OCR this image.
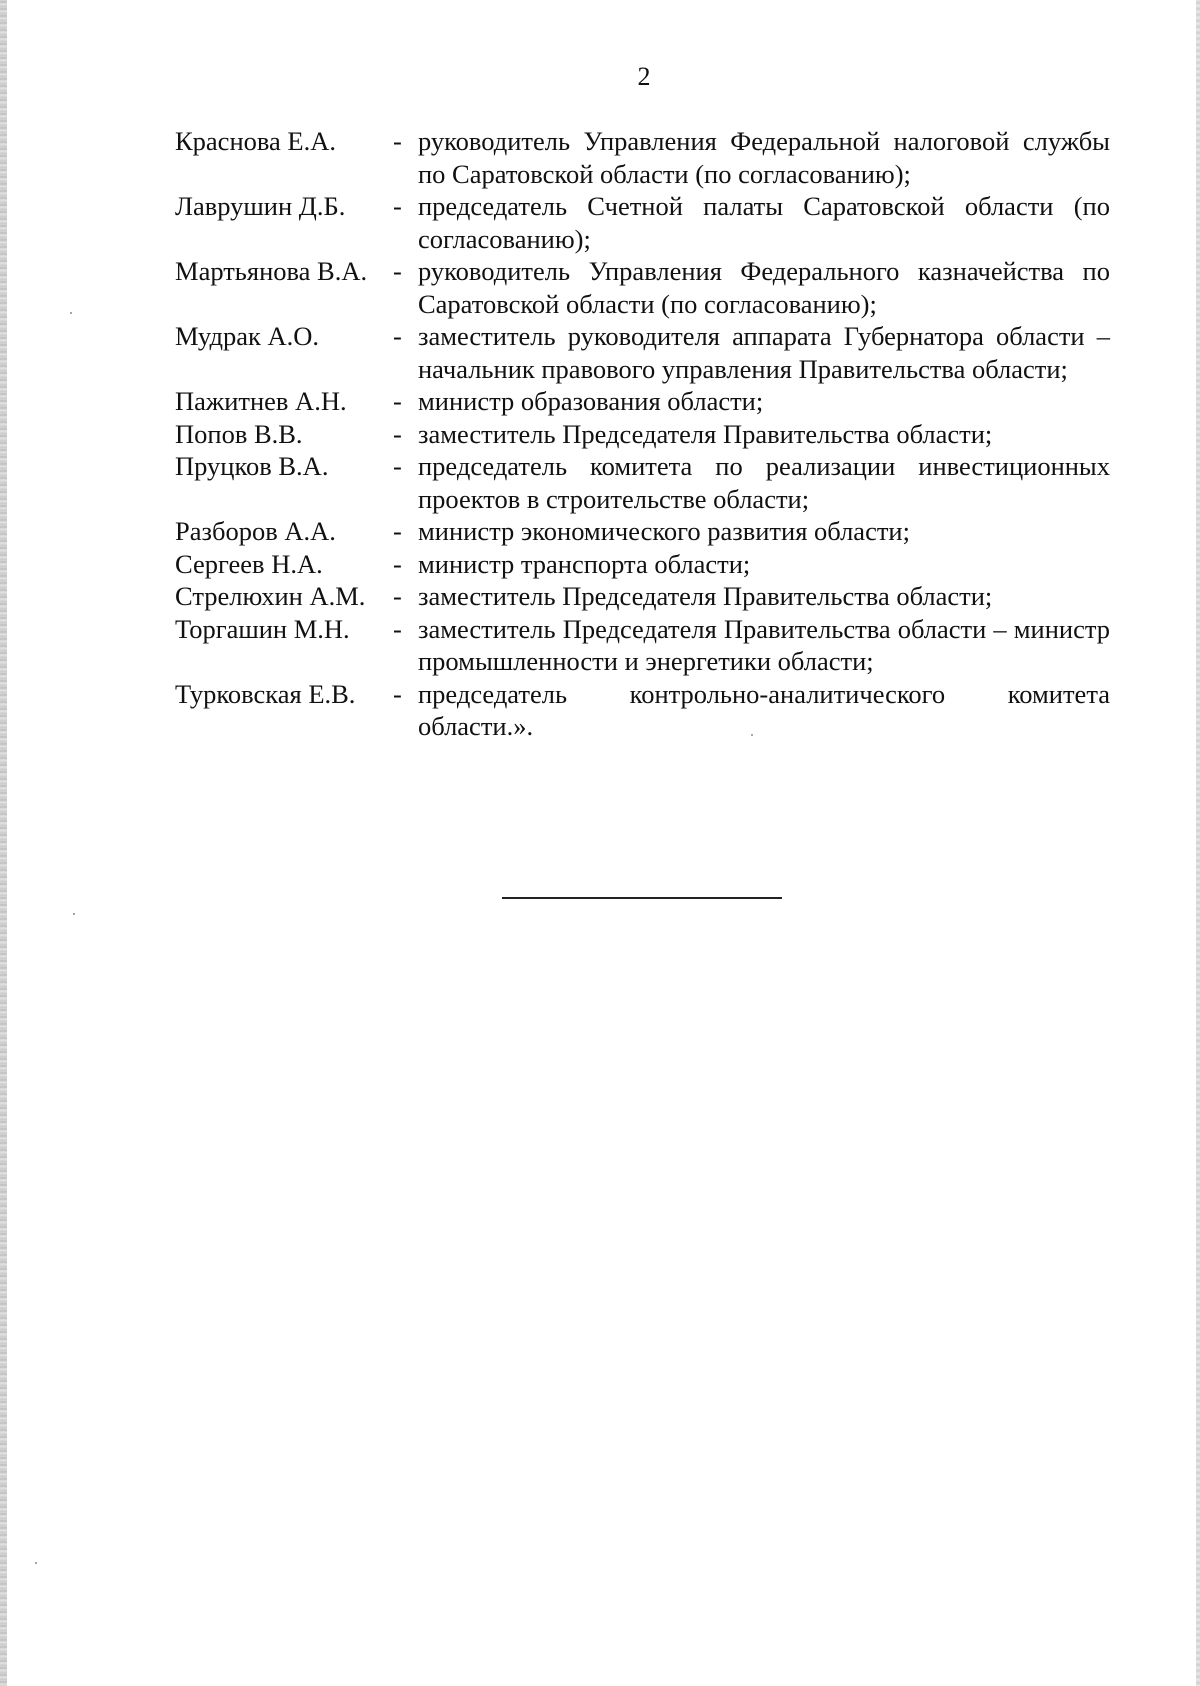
2
Краснова Е.А.	- руководитель Управления Федеральной налоговой службы по Саратовской области (по согласованию);
Лаврушин Д.Б.	- председатель Счетной палаты Саратовской области (по согласованию);
Мартьянова В.А. - руководитель Управления Федерального казначейства по Саратовской области (по согласованию);
Мудрак А.О.	- заместитель руководителя аппарата Губернатора области – начальник правового управления Правительства области;
Пажитнев А.Н.	- министр образования области;
Попов В.В.	- заместитель Председателя Правительства области;
Пруцков В.А.	- председатель комитета по реализации инвестиционных проектов в строительстве области;
Разборов А.А.	- министр экономического развития области;
Сергеев Н.А.	- министр транспорта области;
Стрелюхин А.М.	- заместитель Председателя Правительства области;
Торгашин М.Н.	- заместитель Председателя Правительства области – министр промышленности и энергетики области;
Турковская Е.В.	- председатель контрольно-аналитического комитета области.».
